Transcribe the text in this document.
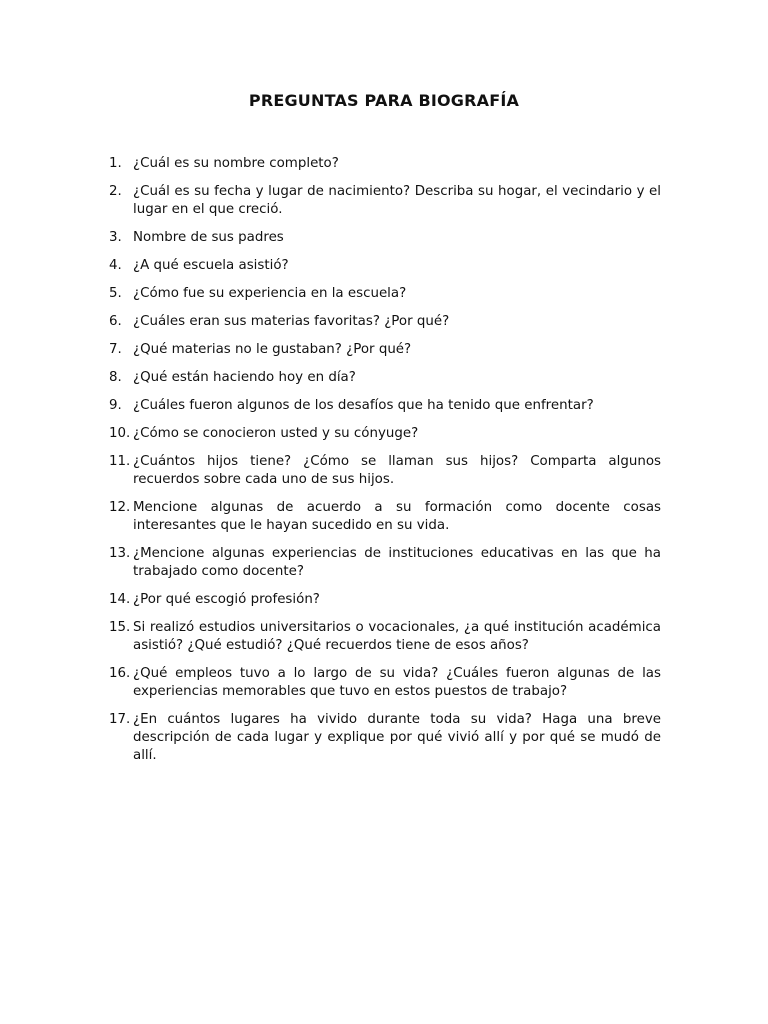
PREGUNTAS PARA BIOGRAFÍA
1. ¿Cuál es su nombre completo?
2. ¿Cuál es su fecha y lugar de nacimiento? Describa su hogar, el vecindario y el lugar en el que creció.
3. Nombre de sus padres
4. ¿A qué escuela asistió?
5. ¿Cómo fue su experiencia en la escuela?
6. ¿Cuáles eran sus materias favoritas? ¿Por qué?
7. ¿Qué materias no le gustaban? ¿Por qué?
8. ¿Qué están haciendo hoy en día?
9. ¿Cuáles fueron algunos de los desafíos que ha tenido que enfrentar?
10. ¿Cómo se conocieron usted y su cónyuge?
11. ¿Cuántos hijos tiene? ¿Cómo se llaman sus hijos? Comparta algunos recuerdos sobre cada uno de sus hijos.
12. Mencione algunas de acuerdo a su formación como docente cosas interesantes que le hayan sucedido en su vida.
13. ¿Mencione algunas experiencias de instituciones educativas en las que ha trabajado como docente?
14. ¿Por qué escogió profesión?
15. Si realizó estudios universitarios o vocacionales, ¿a qué institución académica asistió? ¿Qué estudió? ¿Qué recuerdos tiene de esos años?
16. ¿Qué empleos tuvo a lo largo de su vida? ¿Cuáles fueron algunas de las experiencias memorables que tuvo en estos puestos de trabajo?
17. ¿En cuántos lugares ha vivido durante toda su vida? Haga una breve descripción de cada lugar y explique por qué vivió allí y por qué se mudó de allí.
